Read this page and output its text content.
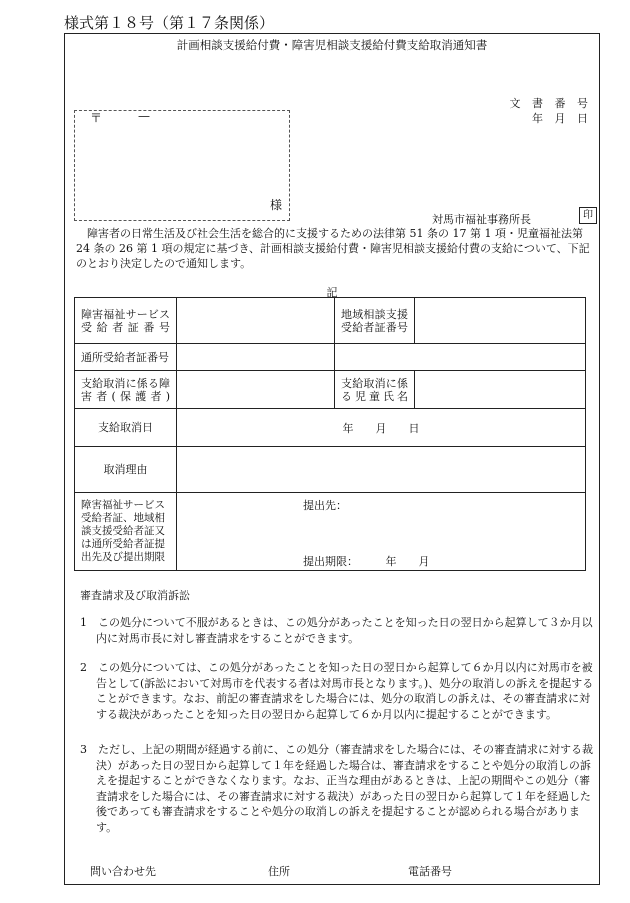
様式第１８号（第１７条関係）
計画相談支援給付費・障害児相談支援給付費支給取消通知書
文 書 番 号
年 月 日
〒	—
様
対馬市福祉事務所長	印
障害者の日常生活及び社会生活を総合的に支援するための法律第 51 条の 17 第 1 項・児童福祉法第 24 条の 26 第 1 項の規定に基づき、計画相談支援給付費・障害児相談支援給付費の支給について、下記のとおり決定したので通知します。
記
障害福祉サービス受給者証番号		地域相談支援受給者証番号	

通所受給者証番号		

支給取消に係る障害者(保護者)		支給取消に係る児童氏名	
支給取消日	年　　月　　日		
取消理由			
障害福祉サービス受給者証、地域相談支援受給者証又は通所受給者証提出先及び提出期限	提出先：
提出期限：　　　年　　月		
審査請求及び取消訴訟
1　この処分について不服があるときは、この処分があったことを知った日の翌日から起算して３か月以内に対馬市長に対し審査請求をすることができます。
2　この処分については、この処分があったことを知った日の翌日から起算して６か月以内に対馬市を被告として(訴訟において対馬市を代表する者は対馬市長となります。)、処分の取消しの訴えを提起することができます。なお、前記の審査請求をした場合には、処分の取消しの訴えは、その審査請求に対する裁決があったことを知った日の翌日から起算して６か月以内に提起することができます。
3　ただし、上記の期間が経過する前に、この処分（審査請求をした場合には、その審査請求に対する裁決）があった日の翌日から起算して１年を経過した場合は、審査請求をすることや処分の取消しの訴えを提起することができなくなります。なお、正当な理由があるときは、上記の期間やこの処分（審査請求をした場合には、その審査請求に対する裁決）があった日の翌日から起算して１年を経過した後であっても審査請求をすることや処分の取消しの訴えを提起することが認められる場合があります。
問い合わせ先	住所	電話番号
